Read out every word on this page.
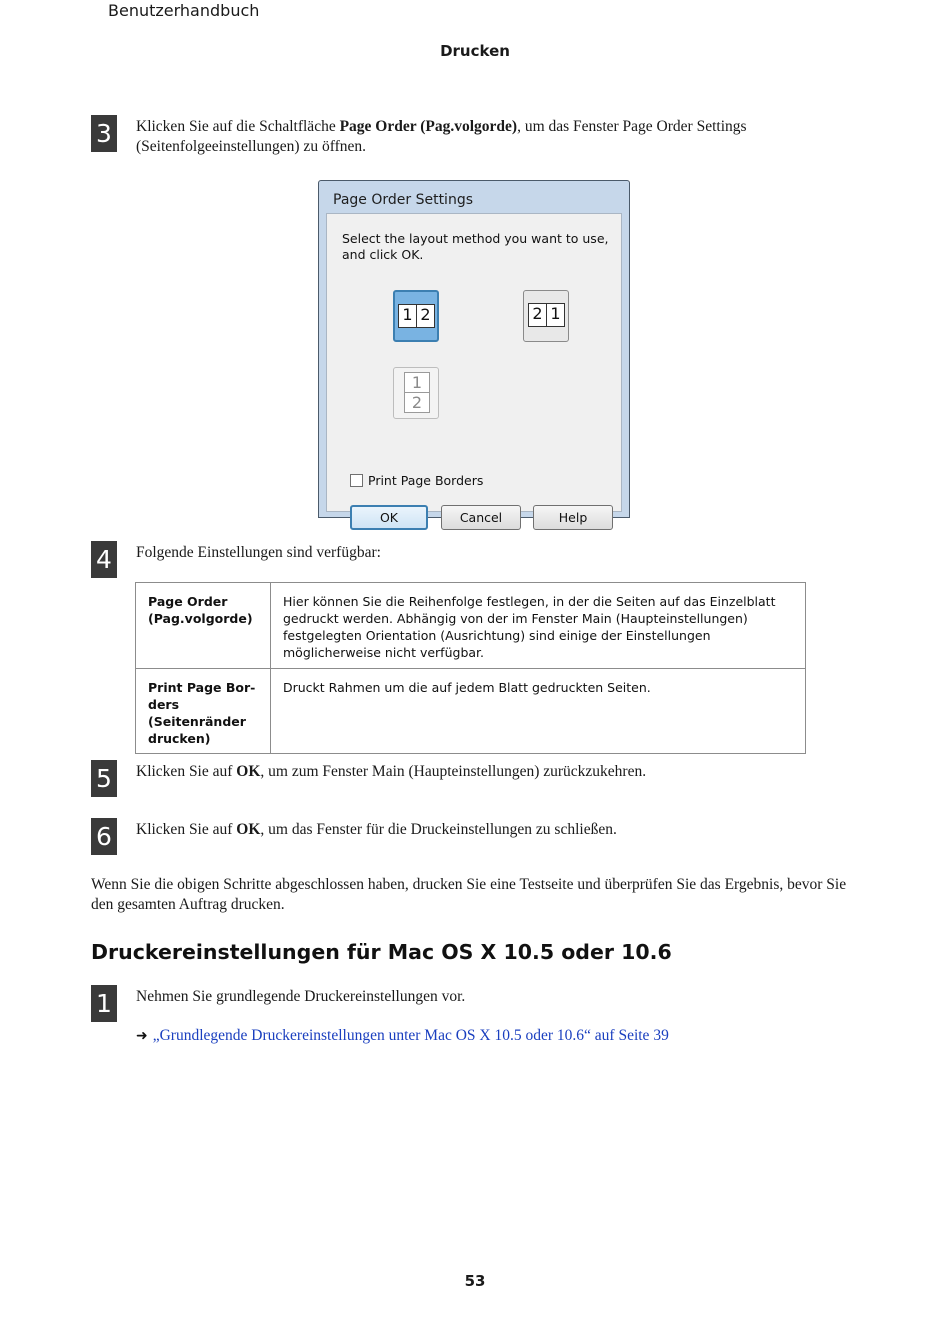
Benutzerhandbuch
Drucken
3	Klicken Sie auf die Schaltfläche Page Order (Pag.volgorde), um das Fenster Page Order Settings (Seitenfolgeeinstellungen) zu öffnen.
Page Order Settings
Select the layout method you want to use, and click OK.
1 2	2 1
1
2
Print Page Borders
OK	Cancel	Help
4	Folgende Einstellungen sind verfügbar:
Page Order (Pag.volgorde)	Hier können Sie die Reihenfolge festlegen, in der die Seiten auf das Einzelblatt gedruckt werden. Abhängig von der im Fenster Main (Haupteinstellungen) festgelegten Orientation (Ausrichtung) sind einige der Einstellungen möglicherweise nicht verfügbar.
Print Page Borders (Seitenränder drucken)	Druckt Rahmen um die auf jedem Blatt gedruckten Seiten.
5	Klicken Sie auf OK, um zum Fenster Main (Haupteinstellungen) zurückzukehren.
6	Klicken Sie auf OK, um das Fenster für die Druckeinstellungen zu schließen.
Wenn Sie die obigen Schritte abgeschlossen haben, drucken Sie eine Testseite und überprüfen Sie das Ergebnis, bevor Sie den gesamten Auftrag drucken.
Druckereinstellungen für Mac OS X 10.5 oder 10.6
1	Nehmen Sie grundlegende Druckereinstellungen vor.
➜ „Grundlegende Druckereinstellungen unter Mac OS X 10.5 oder 10.6“ auf Seite 39
53
